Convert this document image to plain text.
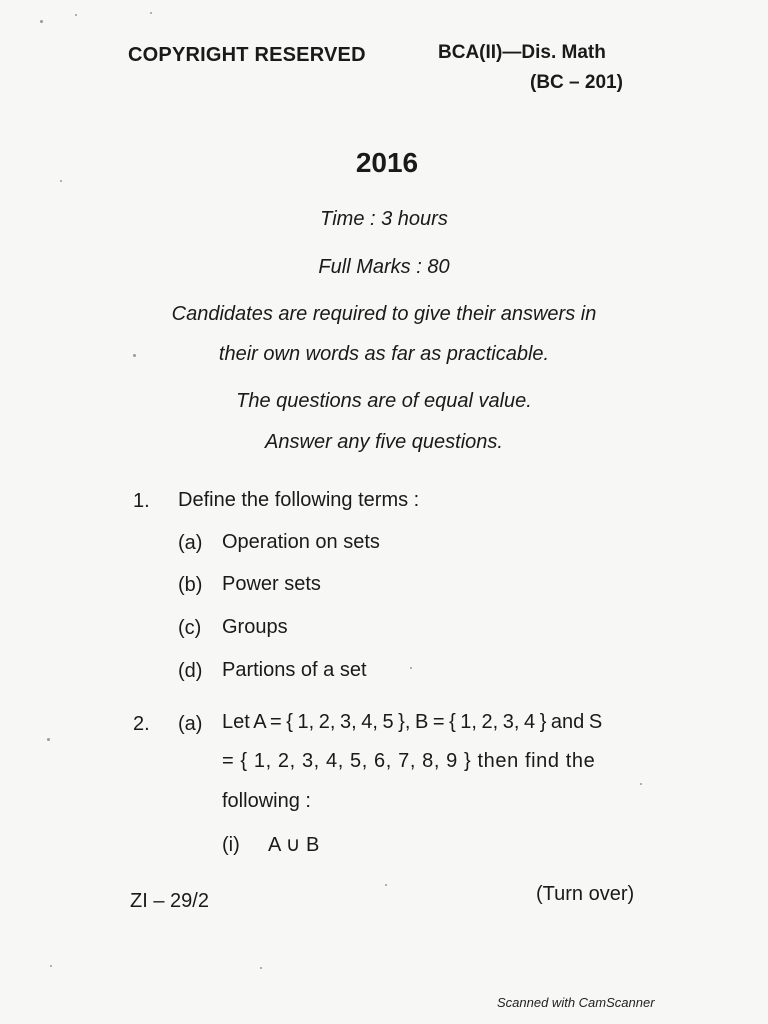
COPYRIGHT RESERVED	BCA(II)—Dis. Math
(BC – 201)
2016
Time : 3 hours
Full Marks : 80
Candidates are required to give their answers in
their own words as far as practicable.
The questions are of equal value.
Answer any five questions.
1. Define the following terms :
(a) Operation on sets
(b) Power sets
(c) Groups
(d) Partions of a set
2. (a) Let A = { 1, 2, 3, 4, 5 }, B = { 1, 2, 3, 4 } and S
= { 1, 2, 3, 4, 5, 6, 7, 8, 9 } then find the
following :
(i) A ∪ B
ZI – 29/2	(Turn over)
Scanned with CamScanner
